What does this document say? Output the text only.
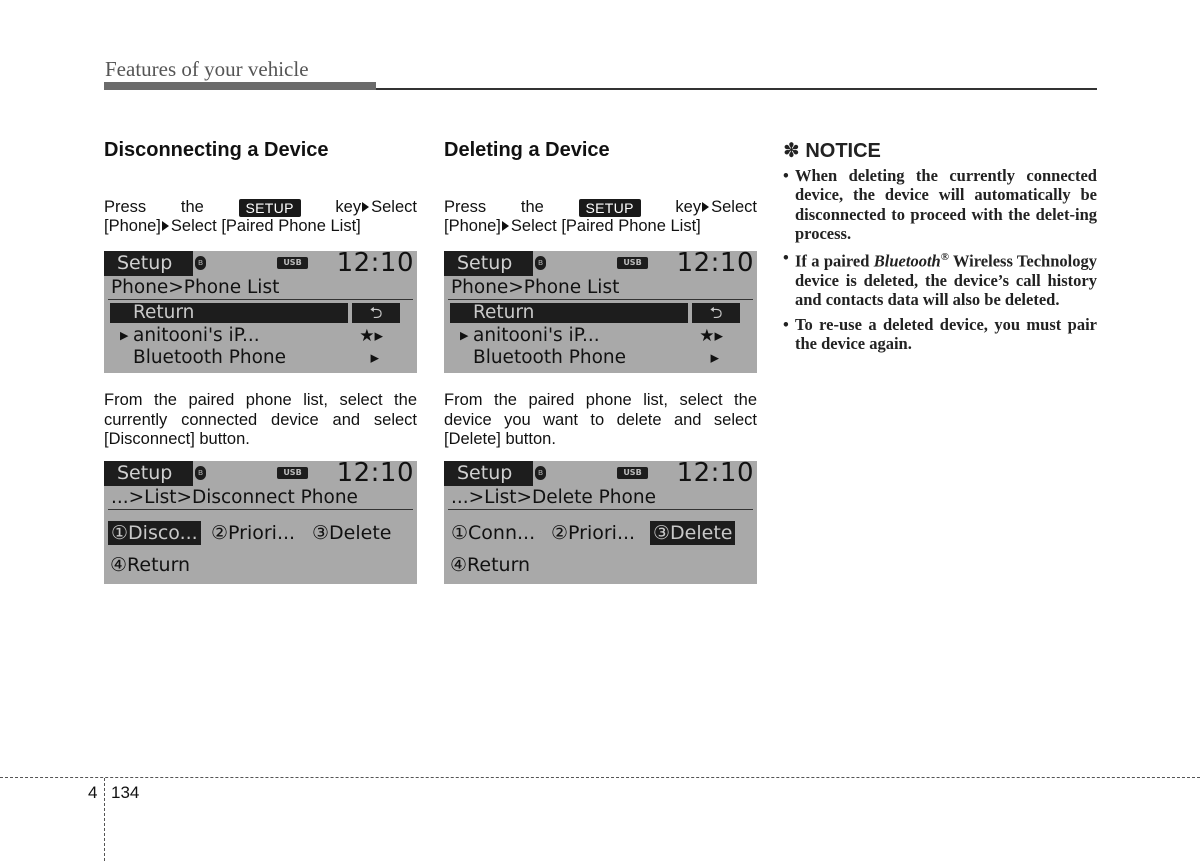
Features of your vehicle
Disconnecting a Device
Press the	SETUP	key Select
[Phone] Select [Paired Phone List]
Setup	ʙ	USB 12:10
Phone>Phone List
Return	⮌
▶ anitooni's iP...	★▸
Bluetooth Phone	▸
From the paired phone list, select the currently connected device and select [Disconnect] button.
Setup	ʙ	USB 12:10
...>List>Disconnect Phone
①Disco... ②Priori... ③Delete
④Return
Deleting a Device
Press the	SETUP	key Select
[Phone] Select [Paired Phone List]
Setup	ʙ	USB 12:10
Phone>Phone List
Return	⮌
▶ anitooni's iP...	★▸
Bluetooth Phone	▸
From the paired phone list, select the device you want to delete and select [Delete] button.
Setup	ʙ	USB 12:10
...>List>Delete Phone
①Conn... ②Priori... ③Delete
④Return
✽ NOTICE
• When deleting the currently connected device, the device will automatically be disconnected to proceed with the delet-ing process.
• If a paired Bluetooth® Wireless Technology device is deleted, the device’s call history and contacts data will also be deleted.
• To re-use a deleted device, you must pair the device again.
4 134
